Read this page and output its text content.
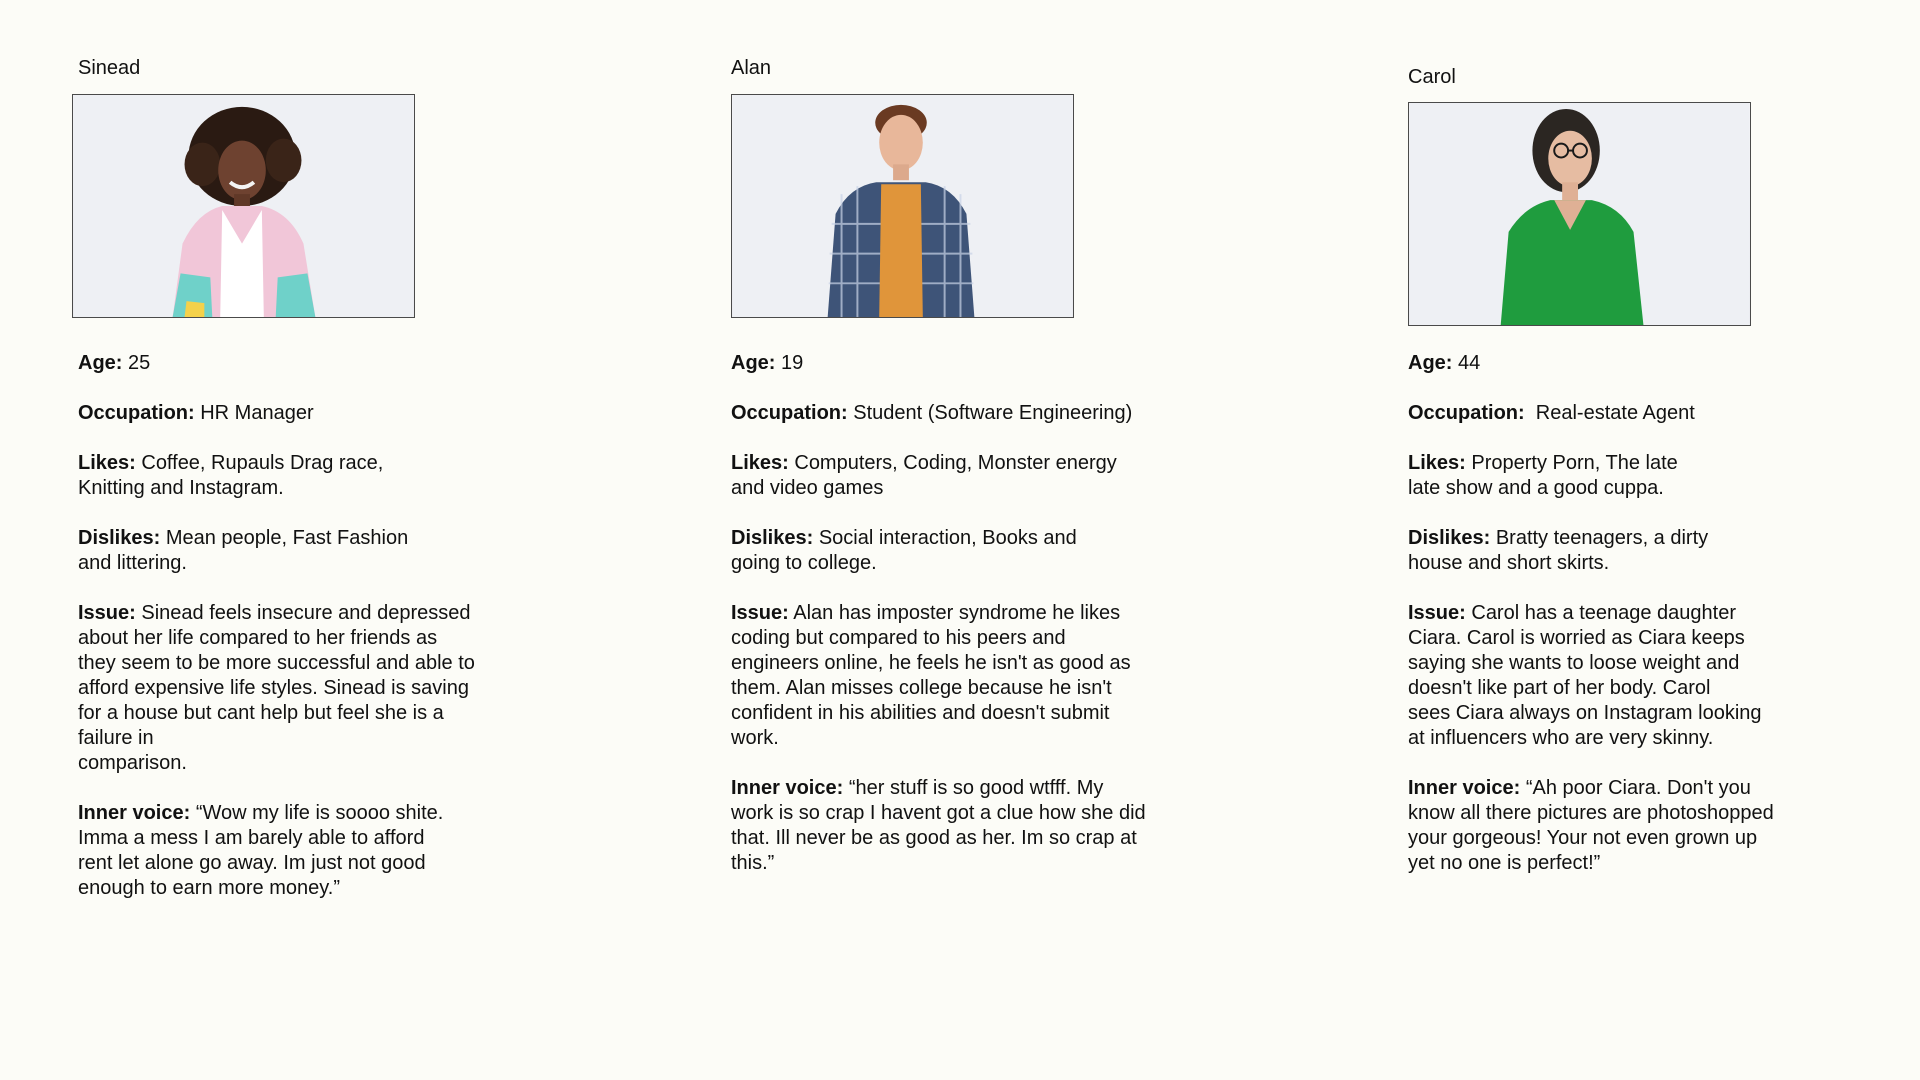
Sinead

Age: 25

Occupation: HR Manager

Likes: Coffee, Rupauls Drag race,
Knitting and Instagram.

Dislikes: Mean people, Fast Fashion
and littering.

Issue: Sinead feels insecure and depressed
about her life compared to her friends as
they seem to be more successful and able to
afford expensive life styles. Sinead is saving
for a house but cant help but feel she is a
failure in
comparison.

Inner voice: “Wow my life is soooo shite.
Imma a mess I am barely able to afford
rent let alone go away. Im just not good
enough to earn more money.”

Alan

Age: 19

Occupation: Student (Software Engineering)

Likes: Computers, Coding, Monster energy
and video games

Dislikes: Social interaction, Books and
going to college.

Issue: Alan has imposter syndrome he likes
coding but compared to his peers and
engineers online, he feels he isn't as good as
them. Alan misses college because he isn't
confident in his abilities and doesn't submit
work.

Inner voice: “her stuff is so good wtfff. My
work is so crap I havent got a clue how she did
that. Ill never be as good as her. Im so crap at
this.”

Carol

Age: 44

Occupation:  Real-estate Agent

Likes: Property Porn, The late
late show and a good cuppa.

Dislikes: Bratty teenagers, a dirty
house and short skirts.

Issue: Carol has a teenage daughter
Ciara. Carol is worried as Ciara keeps
saying she wants to loose weight and
doesn't like part of her body. Carol
sees Ciara always on Instagram looking
at influencers who are very skinny.

Inner voice: “Ah poor Ciara. Don't you
know all there pictures are photoshopped
your gorgeous! Your not even grown up
yet no one is perfect!”
